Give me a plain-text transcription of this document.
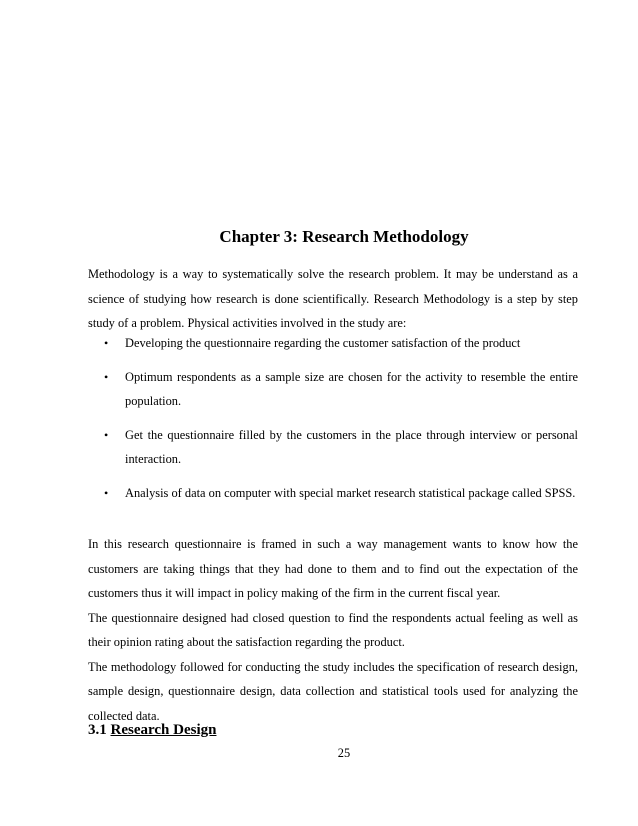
Chapter 3: Research Methodology

Methodology is a way to systematically solve the research problem. It may be understand as a science of studying how research is done scientifically. Research Methodology is a step by step study of a problem. Physical activities involved in the study are:

• Developing the questionnaire regarding the customer satisfaction of the product
• Optimum respondents as a sample size are chosen for the activity to resemble the entire population.
• Get the questionnaire filled by the customers in the place through interview or personal interaction.
• Analysis of data on computer with special market research statistical package called SPSS.
In this research questionnaire is framed in such a way management wants to know how the customers are taking things that they had done to them and to find out the expectation of the customers thus it will impact in policy making of the firm in the current fiscal year.
The questionnaire designed had closed question to find the respondents actual feeling as well as their opinion rating about the satisfaction regarding the product.
The methodology followed for conducting the study includes the specification of research design, sample design, questionnaire design, data collection and statistical tools used for analyzing the collected data.
3.1 Research Design
25
